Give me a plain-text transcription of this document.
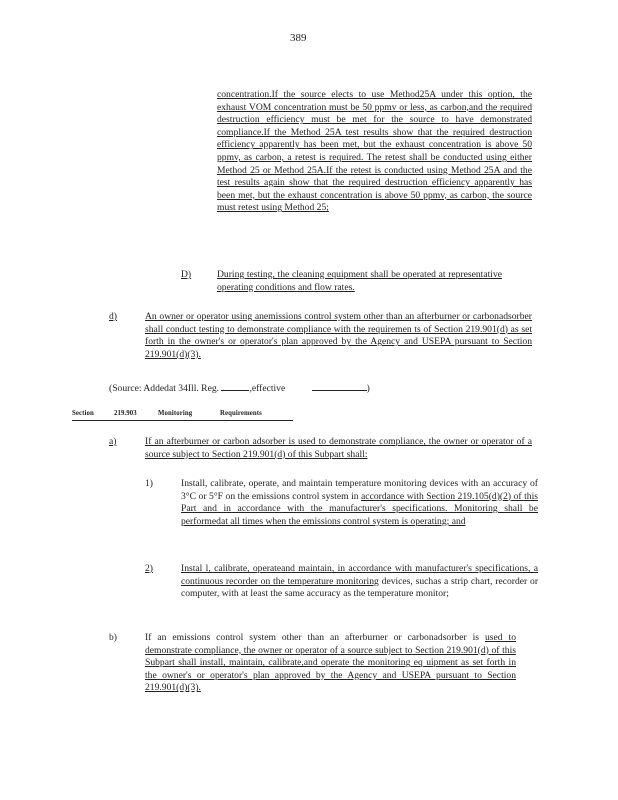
389
concentration.If the source elects to use Method25A under this option, the exhaust VOM concentration must be 50 ppmv or less, as carbon,and the required destruction efficiency must be met for the source to have demonstrated compliance.If the Method 25A test results show that the required destruction efficiency apparently has been met, but the exhaust concentration is above 50 ppmv, as carbon, a retest is required. The retest shall be conducted using either Method 25 or Method 25A.If the retest is conducted using Method 25A and the test results again show that the required destruction efficiency apparently has been met, but the exhaust concentration is above 50 ppmv, as carbon, the source must retest using Method 25;
D)	During testing, the cleaning equipment shall be operated at representative operating conditions and flow rates.
d)	An owner or operator using anemissions control system other than an afterburner or carbonadsorber shall conduct testing to demonstrate compliance with the requiremen ts of Section 219.901(d) as set forth in the owner's or operator's plan approved by the Agency and USEPA pursuant to Section 219.901(d)(3).
(Source: Addedat 34Ill. Reg.	,effective	)
Section	219.903	Monitoring	Requirements
a)	If an afterburner or carbon adsorber is used to demonstrate compliance, the owner or operator of a source subject to Section 219.901(d) of this Subpart shall:
1)	Install, calibrate, operate, and maintain temperature monitoring devices with an accuracy of 3°C or 5°F on the emissions control system in accordance with Section 219.105(d)(2) of this Part and in accordance with the manufacturer's specifications. Monitoring shall be performedat all times when the emissions control system is operating; and
2)	Instal l, calibrate, operateand maintain, in accordance with manufacturer's specifications, a continuous recorder on the temperature monitoring devices, suchas a strip chart, recorder or computer, with at least the same accuracy as the temperature monitor;
b)	If an emissions control system other than an afterburner or carbonadsorber is used to demonstrate compliance, the owner or operator of a source subject to Section 219.901(d) of this Subpart shall install, maintain, calibrate,and operate the monitoring eq uipment as set forth in the owner's or operator's plan approved by the Agency and USEPA pursuant to Section 219.901(d)(3).
